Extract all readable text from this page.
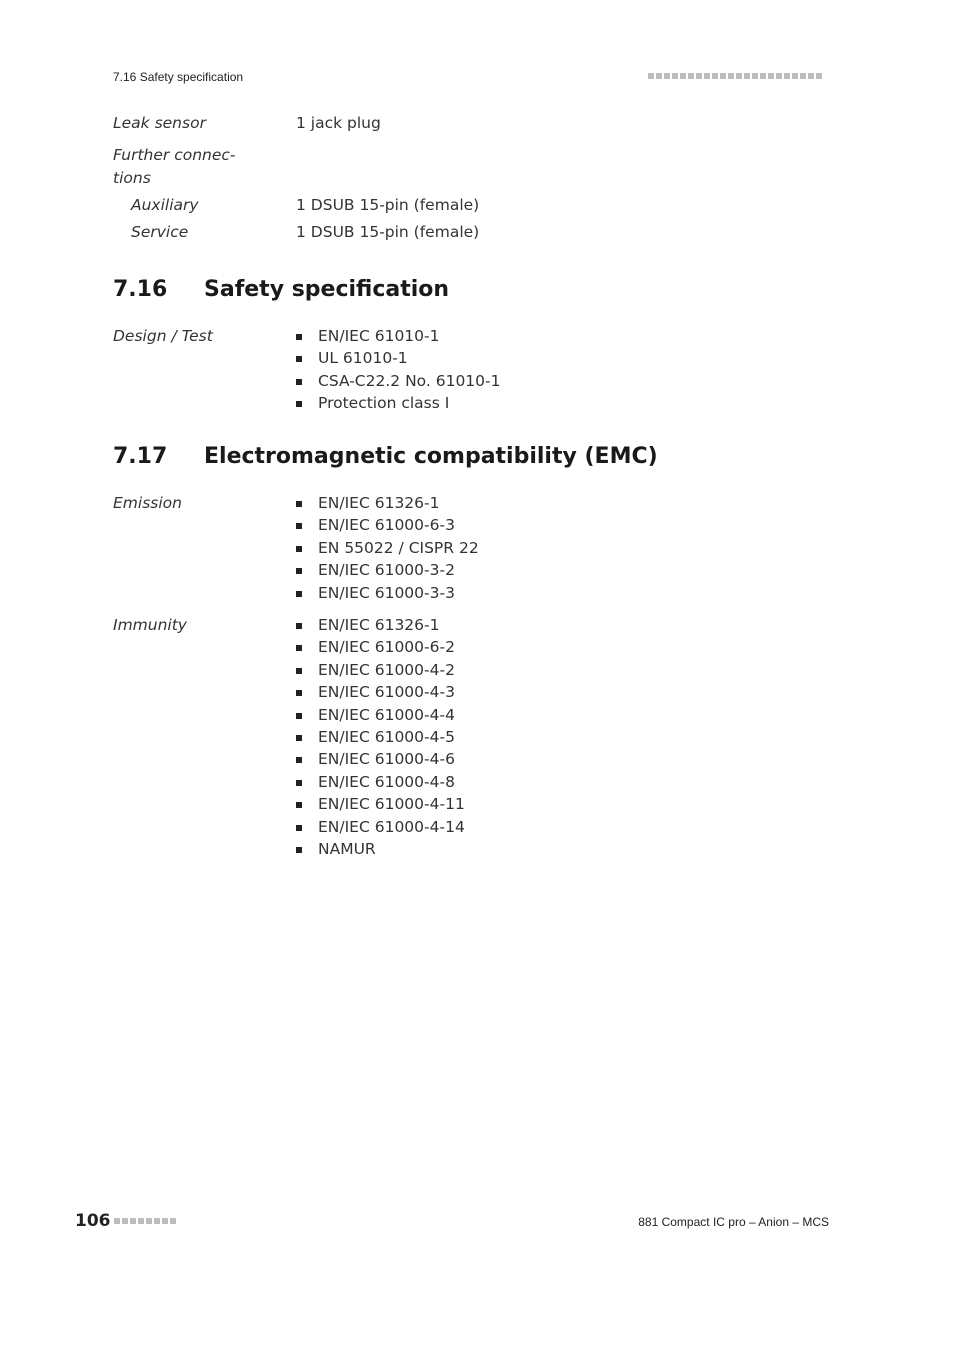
7.16 Safety specification
Leak sensor	1 jack plug
Further connec-
tions
Auxiliary	1 DSUB 15-pin (female)
Service	1 DSUB 15-pin (female)
7.16 Safety specification
Design / Test	EN/IEC 61010-1
UL 61010-1
CSA-C22.2 No. 61010-1
Protection class I
7.17 Electromagnetic compatibility (EMC)
Emission	EN/IEC 61326-1
EN/IEC 61000-6-3
EN 55022 / CISPR 22
EN/IEC 61000-3-2
EN/IEC 61000-3-3
Immunity	EN/IEC 61326-1
EN/IEC 61000-6-2
EN/IEC 61000-4-2
EN/IEC 61000-4-3
EN/IEC 61000-4-4
EN/IEC 61000-4-5
EN/IEC 61000-4-6
EN/IEC 61000-4-8
EN/IEC 61000-4-11
EN/IEC 61000-4-14
NAMUR
106	881 Compact IC pro – Anion – MCS
